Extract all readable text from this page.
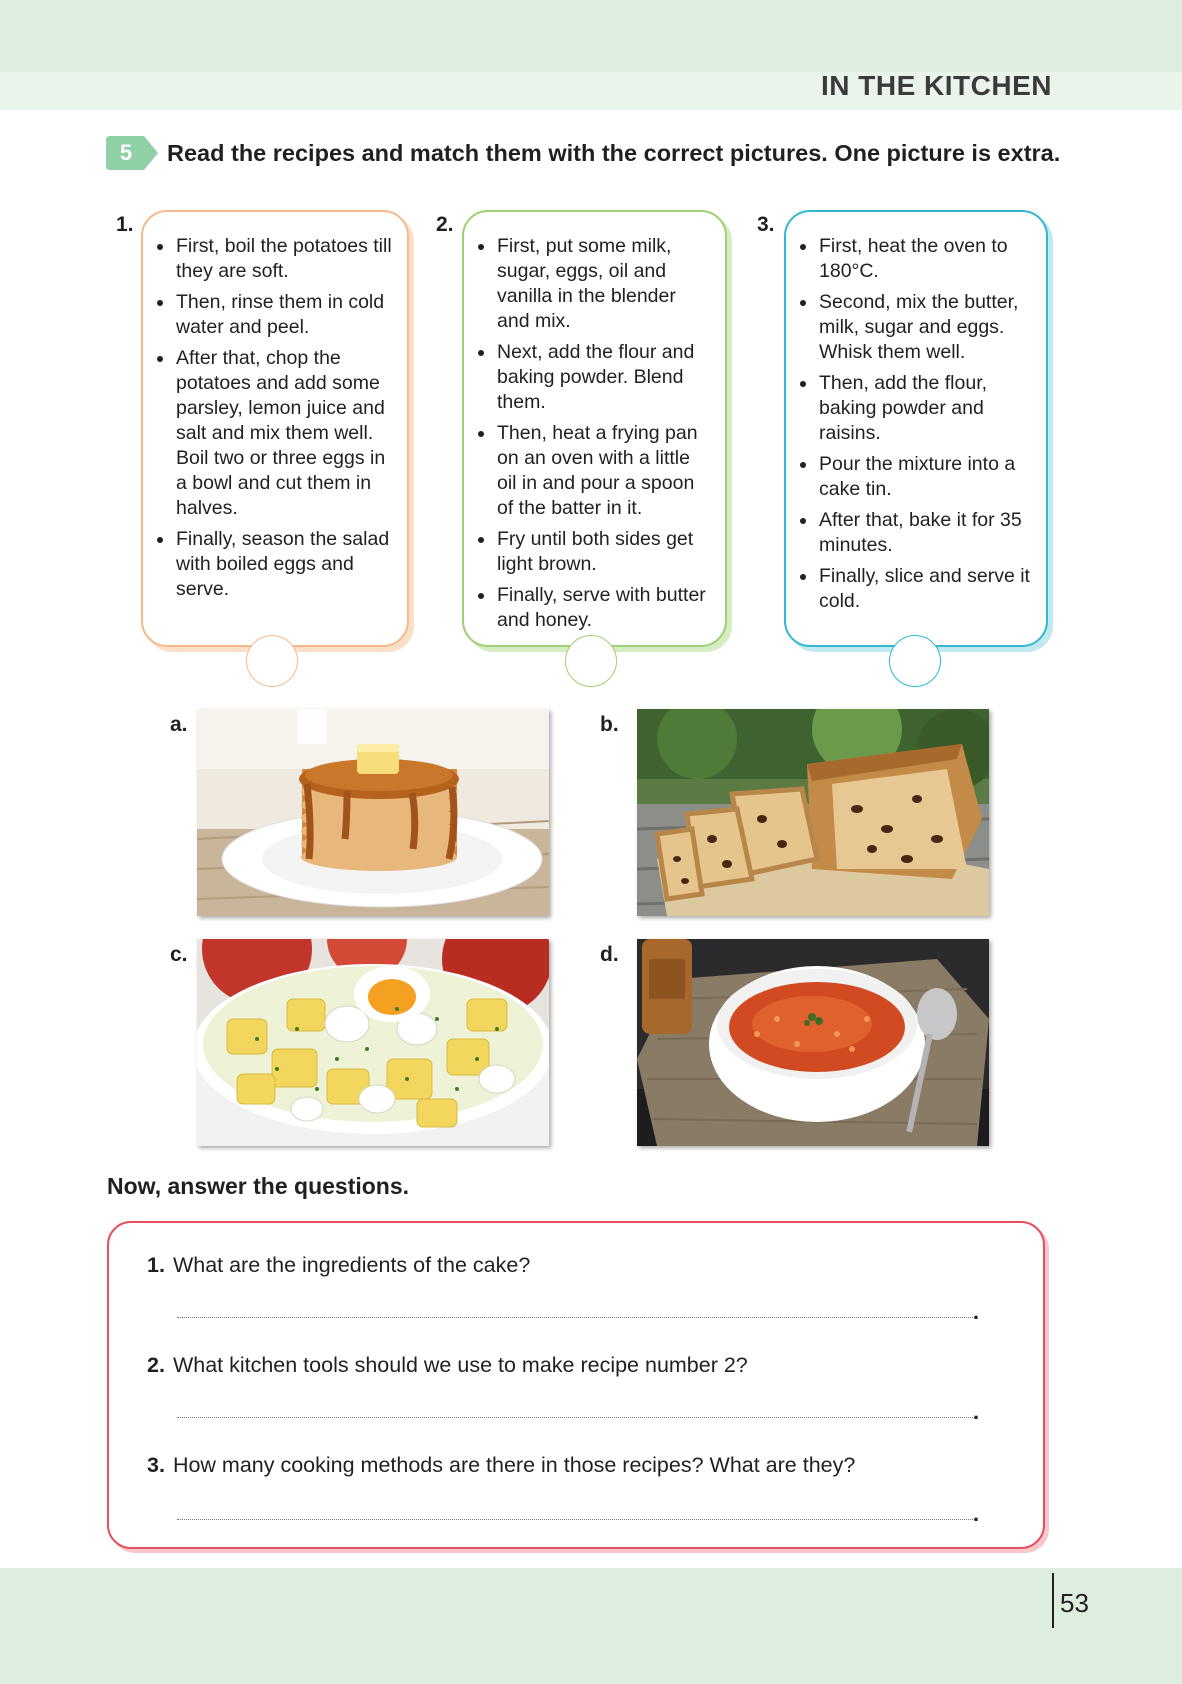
IN THE KITCHEN
5	Read the recipes and match them with the correct pictures. One picture is extra.
1.
First, boil the potatoes till they are soft.
Then, rinse them in cold water and peel.
After that, chop the potatoes and add some parsley, lemon juice and salt and mix them well. Boil two or three eggs in a bowl and cut them in halves.
Finally, season the salad with boiled eggs and serve.
2.
First, put some milk, sugar, eggs, oil and vanilla in the blender and mix.
Next, add the flour and baking powder. Blend them.
Then, heat a frying pan on an oven with a little oil in and pour a spoon of the batter in it.
Fry until both sides get light brown.
Finally, serve with butter and honey.
3.
First, heat the oven to 180°C.
Second, mix the butter, milk, sugar and eggs. Whisk them well.
Then, add the flour, baking powder and raisins.
Pour the mixture into a cake tin.
After that, bake it for 35 minutes.
Finally, slice and serve it cold.
a.	b.
c.	d.
Now, answer the questions.
1. What are the ingredients of the cake?
.
2. What kitchen tools should we use to make recipe number 2?
.
3. How many cooking methods are there in those recipes? What are they?
.
53
